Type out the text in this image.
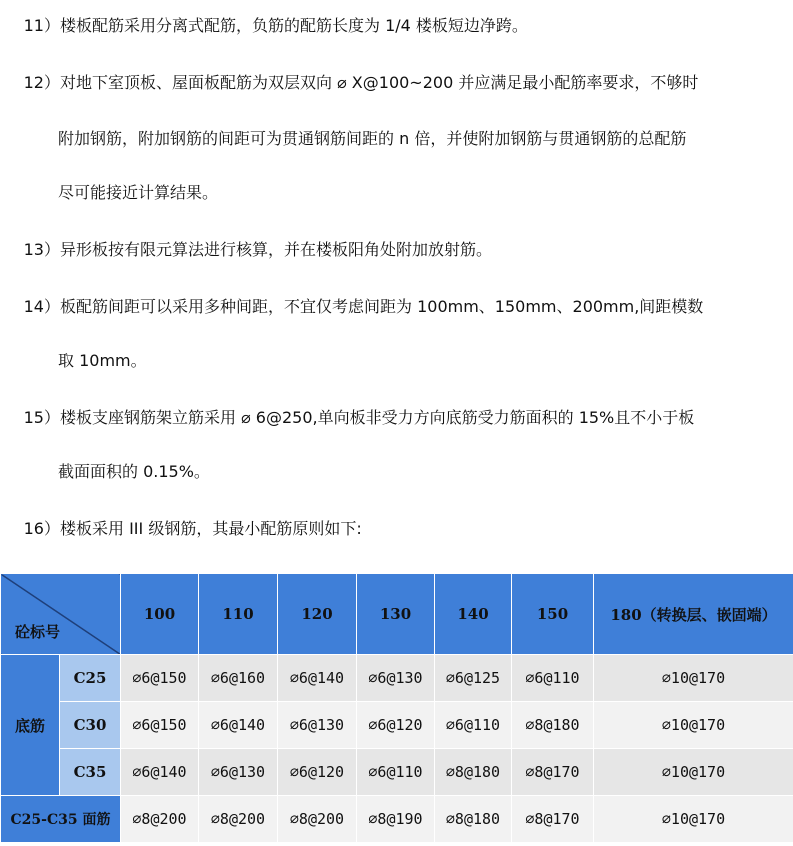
11）楼板配筋采用分离式配筋，负筋的配筋长度为 1/4 楼板短边净跨。
12）对地下室顶板、屋面板配筋为双层双向 ⌀ X@100~200 并应满足最小配筋率要求，不够时
附加钢筋，附加钢筋的间距可为贯通钢筋间距的 n 倍，并使附加钢筋与贯通钢筋的总配筋
尽可能接近计算结果。
13）异形板按有限元算法进行核算，并在楼板阳角处附加放射筋。
14）板配筋间距可以采用多种间距，不宜仅考虑间距为 100mm、150mm、200mm,间距模数
取 10mm。
15）楼板支座钢筋架立筋采用 ⌀ 6@250,单向板非受力方向底筋受力筋面积的 15%且不小于板
截面面积的 0.15%。
16）楼板采用 III 级钢筋，其最小配筋原则如下:
砼标号		100	110	120	130	140	150	180（转换层、嵌固端）
底筋	C25	⌀6@150	⌀6@160	⌀6@140	⌀6@130	⌀6@125	⌀6@110	⌀10@170
	C30	⌀6@150	⌀6@140	⌀6@130	⌀6@120	⌀6@110	⌀8@180	⌀10@170
	C35	⌀6@140	⌀6@130	⌀6@120	⌀6@110	⌀8@180	⌀8@170	⌀10@170
C25-C35 面筋		⌀8@200	⌀8@200	⌀8@200	⌀8@190	⌀8@180	⌀8@170	⌀10@170
